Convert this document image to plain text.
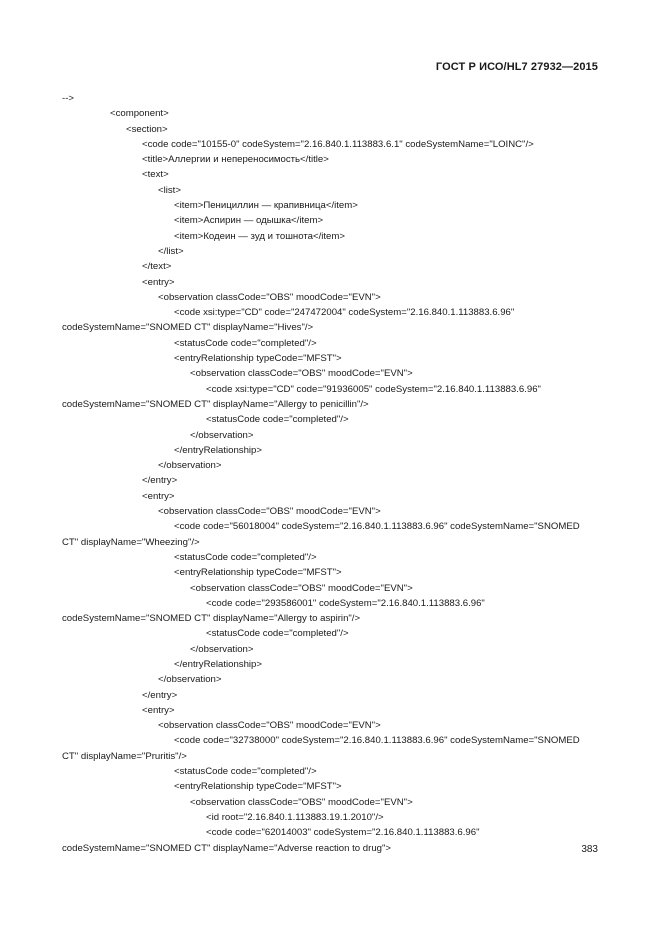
ГОСТ Р ИСО/HL7 27932—2015
-->
<component>
<section>
<code code="10155-0" codeSystem="2.16.840.1.113883.6.1" codeSystemName="LOINC"/>
<title>Аллергии и непереносимость</title>
<text>
<list>
<item>Пенициллин — крапивница</item>
<item>Аспирин — одышка</item>
<item>Кодеин — зуд и тошнота</item>
</list>
</text>
<entry>
<observation classCode="OBS" moodCode="EVN">
<code xsi:type="CD" code="247472004" codeSystem="2.16.840.1.113883.6.96"
codeSystemName="SNOMED CT" displayName="Hives"/>
<statusCode code="completed"/>
<entryRelationship typeCode="MFST">
<observation classCode="OBS" moodCode="EVN">
<code xsi:type="CD" code="91936005" codeSystem="2.16.840.1.113883.6.96"
codeSystemName="SNOMED CT" displayName="Allergy to penicillin"/>
<statusCode code="completed"/>
</observation>
</entryRelationship>
</observation>
</entry>
<entry>
<observation classCode="OBS" moodCode="EVN">
<code code="56018004" codeSystem="2.16.840.1.113883.6.96" codeSystemName="SNOMED
CT" displayName="Wheezing"/>
<statusCode code="completed"/>
<entryRelationship typeCode="MFST">
<observation classCode="OBS" moodCode="EVN">
<code code="293586001" codeSystem="2.16.840.1.113883.6.96"
codeSystemName="SNOMED CT" displayName="Allergy to aspirin"/>
<statusCode code="completed"/>
</observation>
</entryRelationship>
</observation>
</entry>
<entry>
<observation classCode="OBS" moodCode="EVN">
<code code="32738000" codeSystem="2.16.840.1.113883.6.96" codeSystemName="SNOMED
CT" displayName="Pruritis"/>
<statusCode code="completed"/>
<entryRelationship typeCode="MFST">
<observation classCode="OBS" moodCode="EVN">
<id root="2.16.840.1.113883.19.1.2010"/>
<code code="62014003" codeSystem="2.16.840.1.113883.6.96"
codeSystemName="SNOMED CT" displayName="Adverse reaction to drug">	383
